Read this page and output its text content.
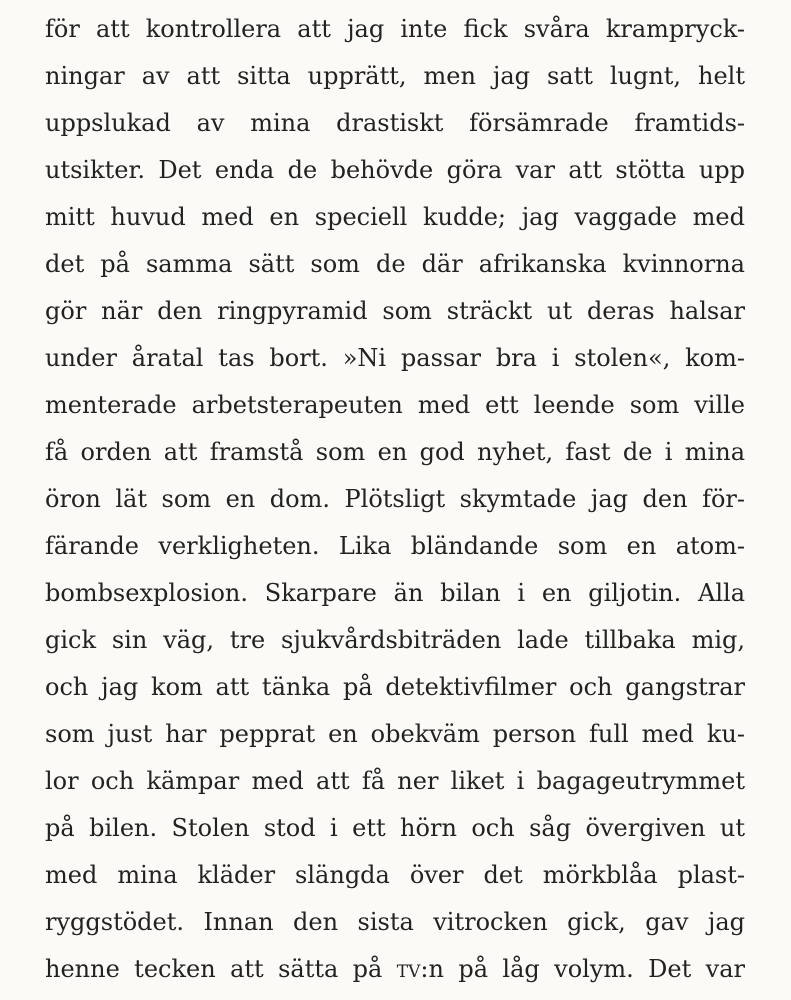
för att kontrollera att jag inte fick svåra krampryck-
ningar av att sitta upprätt, men jag satt lugnt, helt
uppslukad av mina drastiskt försämrade framtids-
utsikter. Det enda de behövde göra var att stötta upp
mitt huvud med en speciell kudde; jag vaggade med
det på samma sätt som de där afrikanska kvinnorna
gör när den ringpyramid som sträckt ut deras halsar
under åratal tas bort. »Ni passar bra i stolen«, kom-
menterade arbetsterapeuten med ett leende som ville
få orden att framstå som en god nyhet, fast de i mina
öron lät som en dom. Plötsligt skymtade jag den för-
färande verkligheten. Lika bländande som en atom-
bombsexplosion. Skarpare än bilan i en giljotin. Alla
gick sin väg, tre sjukvårdsbiträden lade tillbaka mig,
och jag kom att tänka på detektivfilmer och gangstrar
som just har pepprat en obekväm person full med ku-
lor och kämpar med att få ner liket i bagageutrymmet
på bilen. Stolen stod i ett hörn och såg övergiven ut
med mina kläder slängda över det mörkblåa plast-
ryggstödet. Innan den sista vitrocken gick, gav jag
henne tecken att sätta på tv:n på låg volym. Det var
